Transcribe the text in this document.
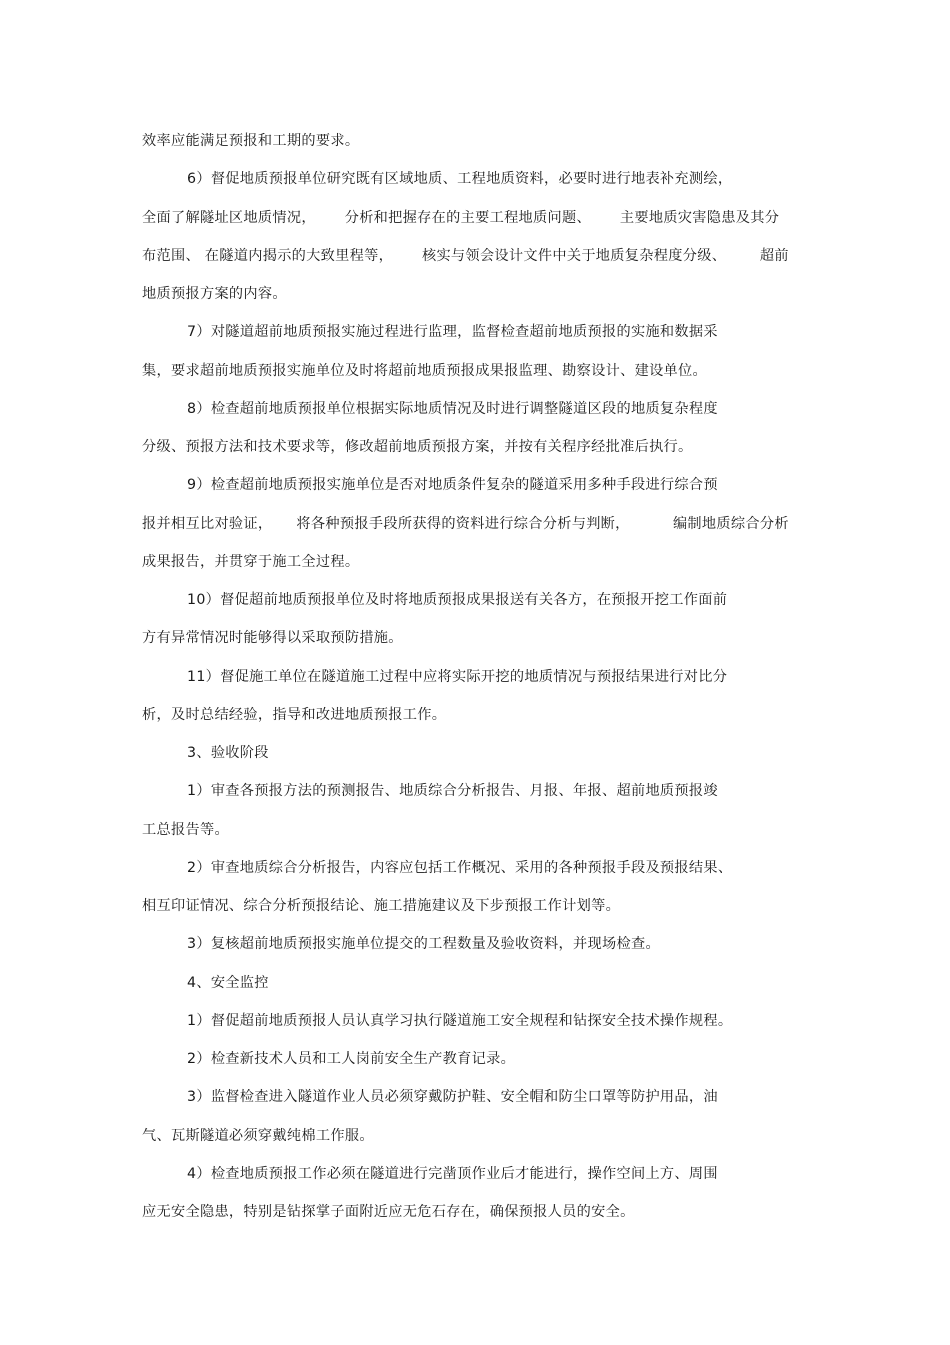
效率应能满足预报和工期的要求。
6）督促地质预报单位研究既有区域地质、工程地质资料，必要时进行地表补充测绘，
全面了解隧址区地质情况，      分析和把握存在的主要工程地质问题、      主要地质灾害隐患及其分
布范围、 在隧道内揭示的大致里程等，      核实与领会设计文件中关于地质复杂程度分级、       超前
地质预报方案的内容。
7）对隧道超前地质预报实施过程进行监理，监督检查超前地质预报的实施和数据采
集，要求超前地质预报实施单位及时将超前地质预报成果报监理、勘察设计、建设单位。
8）检查超前地质预报单位根据实际地质情况及时进行调整隧道区段的地质复杂程度
分级、预报方法和技术要求等，修改超前地质预报方案，并按有关程序经批准后执行。
9）检查超前地质预报实施单位是否对地质条件复杂的隧道采用多种手段进行综合预
报并相互比对验证，     将各种预报手段所获得的资料进行综合分析与判断，         编制地质综合分析
成果报告，并贯穿于施工全过程。
10）督促超前地质预报单位及时将地质预报成果报送有关各方，在预报开挖工作面前
方有异常情况时能够得以采取预防措施。
11）督促施工单位在隧道施工过程中应将实际开挖的地质情况与预报结果进行对比分
析，及时总结经验，指导和改进地质预报工作。
3、验收阶段
1）审查各预报方法的预测报告、地质综合分析报告、月报、年报、超前地质预报竣
工总报告等。
2）审查地质综合分析报告，内容应包括工作概况、采用的各种预报手段及预报结果、
相互印证情况、综合分析预报结论、施工措施建议及下步预报工作计划等。
3）复核超前地质预报实施单位提交的工程数量及验收资料，并现场检查。
4、安全监控
1）督促超前地质预报人员认真学习执行隧道施工安全规程和钻探安全技术操作规程。
2）检查新技术人员和工人岗前安全生产教育记录。
3）监督检查进入隧道作业人员必须穿戴防护鞋、安全帽和防尘口罩等防护用品，油
气、瓦斯隧道必须穿戴纯棉工作服。
4）检查地质预报工作必须在隧道进行完凿顶作业后才能进行，操作空间上方、周围
应无安全隐患，特别是钻探掌子面附近应无危石存在，确保预报人员的安全。
